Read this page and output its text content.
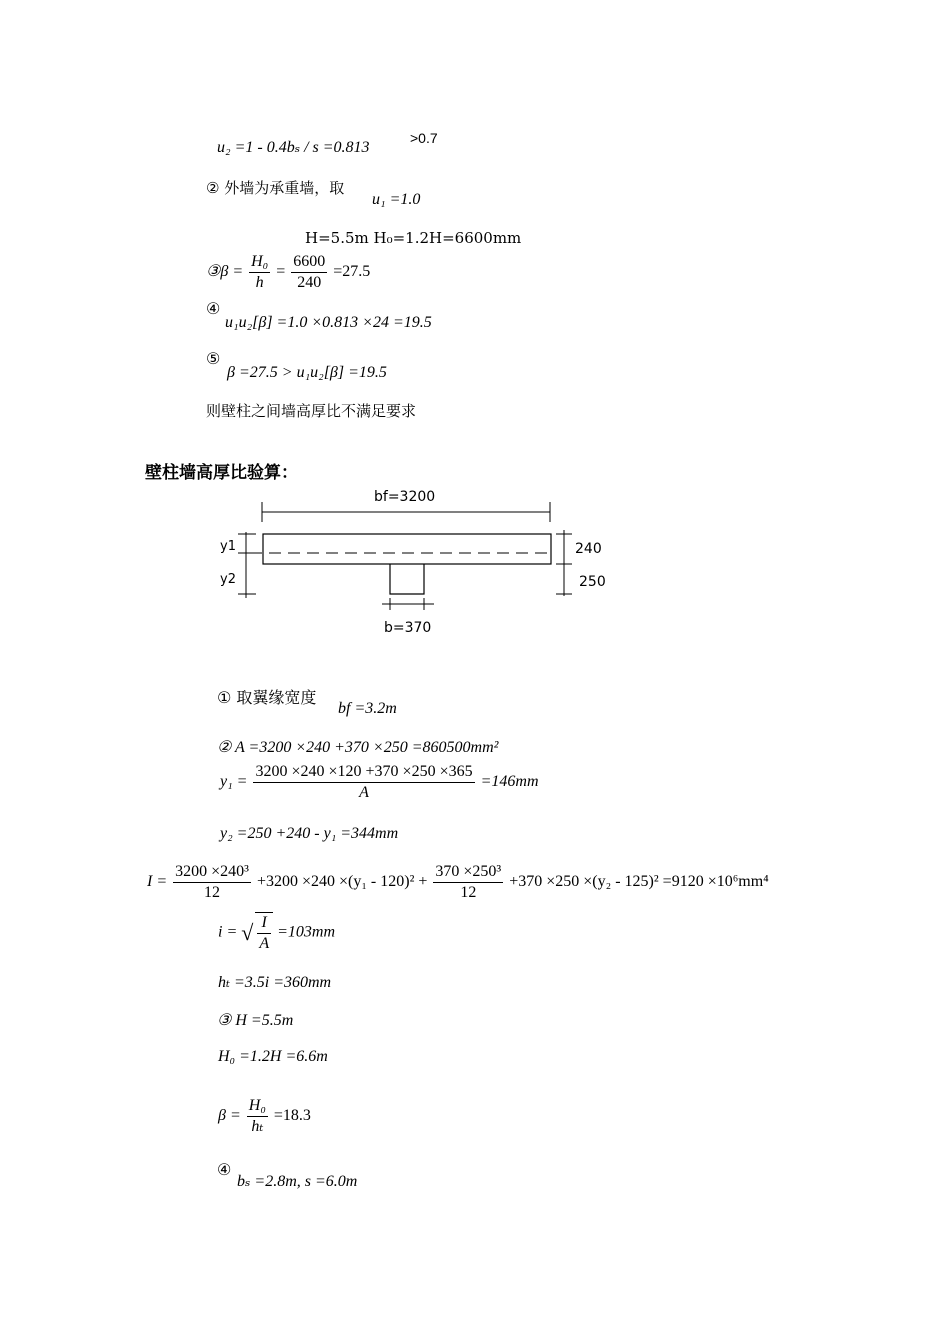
u₂ =1 - 0.4bₛ / s =0.813
>0.7
② 外墙为承重墙，取
u₁ =1.0
H=5.5m H₀=1.2H=6600mm
③β = $\frac{\text{H₀}}{h} = \frac{6600}{240} =27.5$
④
u₁u₂[β] =1.0 ×0.813 ×24 =19.5
⑤
β =27.5 > u₁u₂[β] =19.5
则壁柱之间墙高厚比不满足要求
壁柱墙高厚比验算：
bf=3200
y1
y2
240
250
b=370
① 取翼缘宽度
bf =3.2m
② A =3200 ×240 +370 ×250 =860500mm²
$y_1 = \frac{3200 \times 240 \times 120 +370 \times 250 \times 365}{A} =146mm$
y₂ =250 +240 - y₁ =344mm
$I = \frac{\text{3200 ×240³}}{12} +3200 \times 240 \times(y_1 - 120)^2 + \frac{\text{370 ×250³}}{12} +370 \times 250 \times(y_2 - 125)^2 =9120 \times 10^6mm^4$
i = √ $\frac{I}{A} =103mm$
hₜ =3.5i =360mm
③ H =5.5m
H₀ =1.2H =6.6m
$\beta = \frac{\text{H₀}}{\text{hₜ}} =18.3$
④
bₛ =2.8m, s =6.0m
